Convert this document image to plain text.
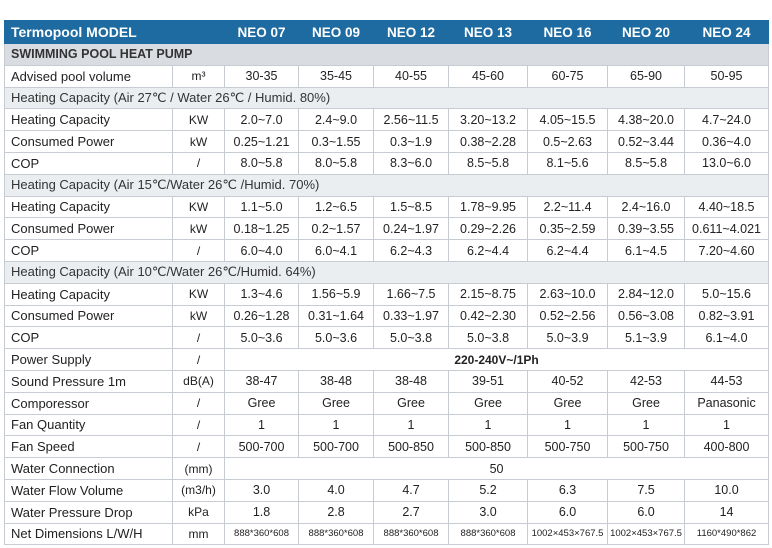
Termopool MODEL		NEO 07	NEO 09	NEO 12	NEO 13	NEO 16	NEO 20	NEO 24
SWIMMING POOL HEAT PUMP								
Advised pool volume	m³	30-35	35-45	40-55	45-60	60-75	65-90	50-95
Heating Capacity (Air 27℃ / Water 26℃ / Humid. 80%)								
Heating Capacity	KW	2.0~7.0	2.4~9.0	2.56~11.5	3.20~13.2	4.05~15.5	4.38~20.0	4.7~24.0
Consumed Power	kW	0.25~1.21	0.3~1.55	0.3~1.9	0.38~2.28	0.5~2.63	0.52~3.44	0.36~4.0
COP	/	8.0~5.8	8.0~5.8	8.3~6.0	8.5~5.8	8.1~5.6	8.5~5.8	13.0~6.0
Heating Capacity (Air 15℃/Water 26℃ /Humid. 70%)								
Heating Capacity	KW	1.1~5.0	1.2~6.5	1.5~8.5	1.78~9.95	2.2~11.4	2.4~16.0	4.40~18.5
Consumed Power	kW	0.18~1.25	0.2~1.57	0.24~1.97	0.29~2.26	0.35~2.59	0.39~3.55	0.611~4.021
COP	/	6.0~4.0	6.0~4.1	6.2~4.3	6.2~4.4	6.2~4.4	6.1~4.5	7.20~4.60
Heating Capacity (Air 10℃/Water 26℃/Humid. 64%)								
Heating Capacity	KW	1.3~4.6	1.56~5.9	1.66~7.5	2.15~8.75	2.63~10.0	2.84~12.0	5.0~15.6
Consumed Power	kW	0.26~1.28	0.31~1.64	0.33~1.97	0.42~2.30	0.52~2.56	0.56~3.08	0.82~3.91
COP	/	5.0~3.6	5.0~3.6	5.0~3.8	5.0~3.8	5.0~3.9	5.1~3.9	6.1~4.0
Power Supply	/	220-240V~/1Ph						
Sound Pressure 1m	dB(A)	38-47	38-48	38-48	39-51	40-52	42-53	44-53
Comporessor	/	Gree	Gree	Gree	Gree	Gree	Gree	Panasonic
Fan Quantity	/	1	1	1	1	1	1	1
Fan Speed	/	500-700	500-700	500-850	500-850	500-750	500-750	400-800
Water Connection	(mm)	50						
Water Flow Volume	(m3/h)	3.0	4.0	4.7	5.2	6.3	7.5	10.0
Water Pressure Drop	kPa	1.8	2.8	2.7	3.0	6.0	6.0	14
Net Dimensions L/W/H	mm	888*360*608	888*360*608	888*360*608	888*360*608	1002×453×767.5	1002×453×767.5	1160*490*862
